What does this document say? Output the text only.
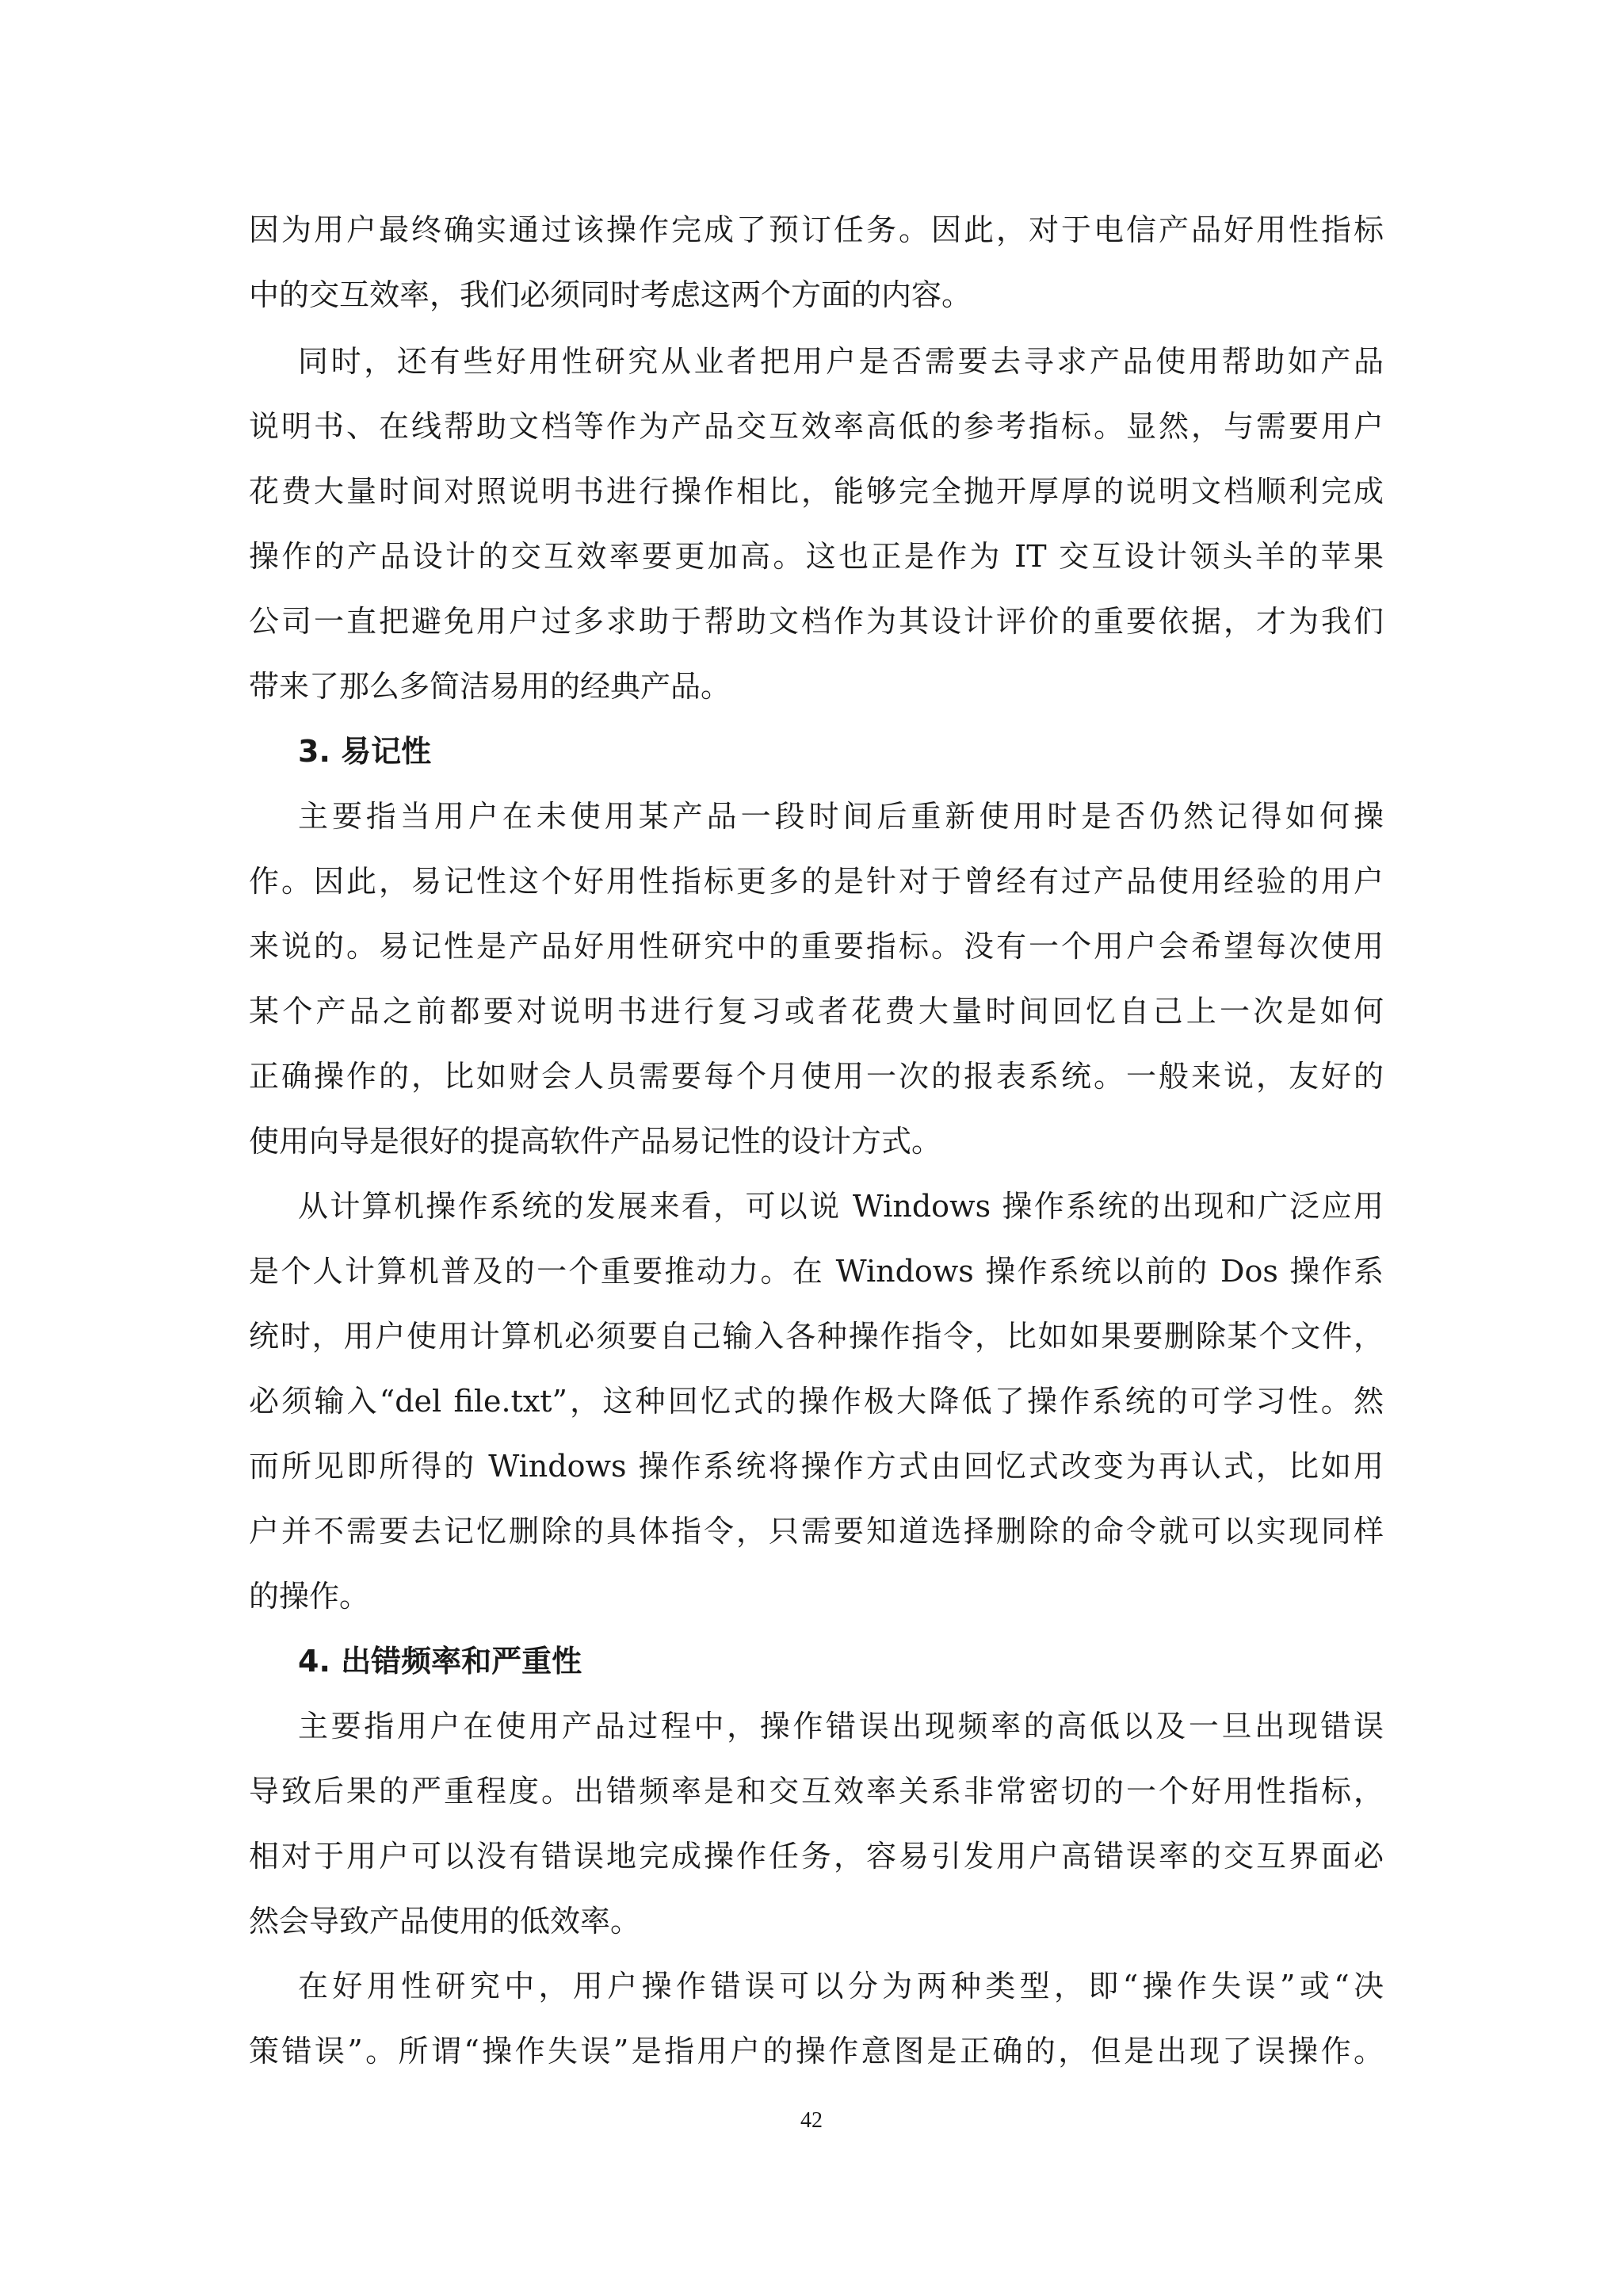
因为用户最终确实通过该操作完成了预订任务。因此，对于电信产品好用性指标
中的交互效率，我们必须同时考虑这两个方面的内容。
同时，还有些好用性研究从业者把用户是否需要去寻求产品使用帮助如产品
说明书、在线帮助文档等作为产品交互效率高低的参考指标。显然，与需要用户
花费大量时间对照说明书进行操作相比，能够完全抛开厚厚的说明文档顺利完成
操作的产品设计的交互效率要更加高。这也正是作为 IT 交互设计领头羊的苹果
公司一直把避免用户过多求助于帮助文档作为其设计评价的重要依据，才为我们
带来了那么多简洁易用的经典产品。
3. 易记性
主要指当用户在未使用某产品一段时间后重新使用时是否仍然记得如何操
作。因此，易记性这个好用性指标更多的是针对于曾经有过产品使用经验的用户
来说的。易记性是产品好用性研究中的重要指标。没有一个用户会希望每次使用
某个产品之前都要对说明书进行复习或者花费大量时间回忆自己上一次是如何
正确操作的，比如财会人员需要每个月使用一次的报表系统。一般来说，友好的
使用向导是很好的提高软件产品易记性的设计方式。
从计算机操作系统的发展来看，可以说 Windows 操作系统的出现和广泛应用
是个人计算机普及的一个重要推动力。在 Windows 操作系统以前的 Dos 操作系
统时，用户使用计算机必须要自己输入各种操作指令，比如如果要删除某个文件，
必须输入“del file.txt”，这种回忆式的操作极大降低了操作系统的可学习性。然
而所见即所得的 Windows 操作系统将操作方式由回忆式改变为再认式，比如用
户并不需要去记忆删除的具体指令，只需要知道选择删除的命令就可以实现同样
的操作。
4. 出错频率和严重性
主要指用户在使用产品过程中，操作错误出现频率的高低以及一旦出现错误
导致后果的严重程度。出错频率是和交互效率关系非常密切的一个好用性指标，
相对于用户可以没有错误地完成操作任务，容易引发用户高错误率的交互界面必
然会导致产品使用的低效率。
在好用性研究中，用户操作错误可以分为两种类型，即“操作失误”或“决
策错误”。所谓“操作失误”是指用户的操作意图是正确的，但是出现了误操作。
42
